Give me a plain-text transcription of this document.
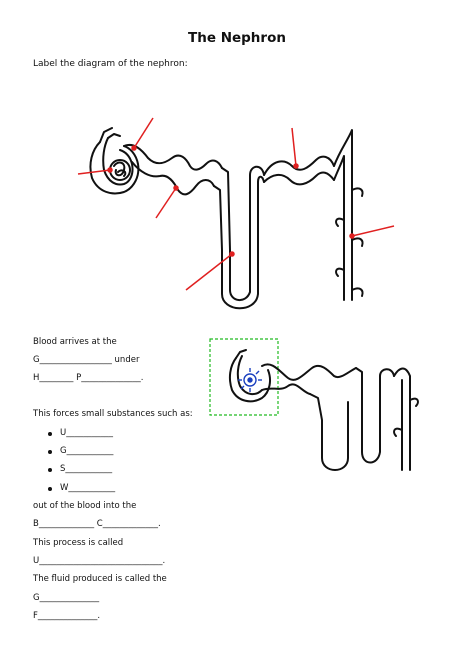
The Nephron
Label the diagram of the nephron:
Blood arrives at the
G_________________ under
H________ P______________.
This forces small substances such as:
U___________
G___________
S___________
W___________
out of the blood into the
B_____________ C_____________.
This process is called
U_____________________________.
The fluid produced is called the
G______________
F______________.
